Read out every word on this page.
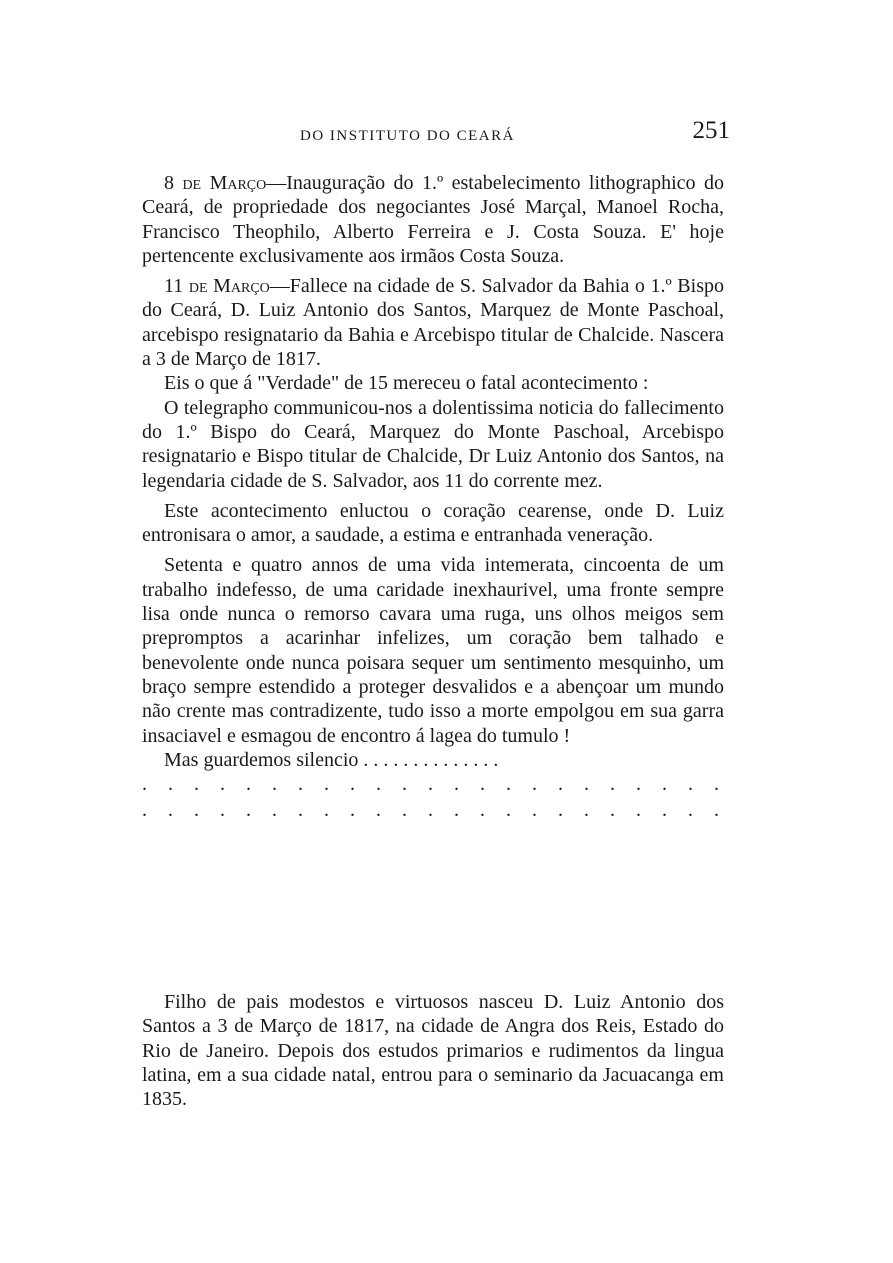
DO INSTITUTO DO CEARÁ	251

8 de Março—Inauguração do 1.º estabelecimento lithographico do Ceará, de propriedade dos negociantes José Marçal, Manoel Rocha, Francisco Theophilo, Alberto Ferreira e J. Costa Souza. E' hoje pertencente exclusivamente aos irmãos Costa Souza.

11 de Março—Fallece na cidade de S. Salvador da Bahia o 1.º Bispo do Ceará, D. Luiz Antonio dos Santos, Marquez de Monte Paschoal, arcebispo resignatario da Bahia e Arcebispo titular de Chalcide. Nascera a 3 de Março de 1817.

Eis o que á "Verdade" de 15 mereceu o fatal acontecimento :

O telegrapho communicou-nos a dolentissima noticia do fallecimento do 1.º Bispo do Ceará, Marquez do Monte Paschoal, Arcebispo resignatario e Bispo titular de Chalcide, Dr Luiz Antonio dos Santos, na legendaria cidade de S. Salvador, aos 11 do corrente mez.

Este acontecimento enluctou o coração cearense, onde D. Luiz entronisara o amor, a saudade, a estima e entranhada veneração.

Setenta e quatro annos de uma vida intemerata, cincoenta de um trabalho indefesso, de uma caridade inexhaurivel, uma fronte sempre lisa onde nunca o remorso cavara uma ruga, uns olhos meigos sem prepromptos a acarinhar infelizes, um coração bem talhado e benevolente onde nunca poisara sequer um sentimento mesquinho, um braço sempre estendido a proteger desvalidos e a abençoar um mundo não crente mas contradizente, tudo isso a morte empolgou em sua garra insaciavel e esmagou de encontro á lagea do tumulo !

Mas guardemos silencio . . . . . . . . . . . . . .

. . .
. . .

Filho de pais modestos e virtuosos nasceu D. Luiz Antonio dos Santos a 3 de Março de 1817, na cidade de Angra dos Reis, Estado do Rio de Janeiro. Depois dos estudos primarios e rudimentos da lingua latina, em a sua cidade natal, entrou para o seminario da Jacuacanga em 1835.
